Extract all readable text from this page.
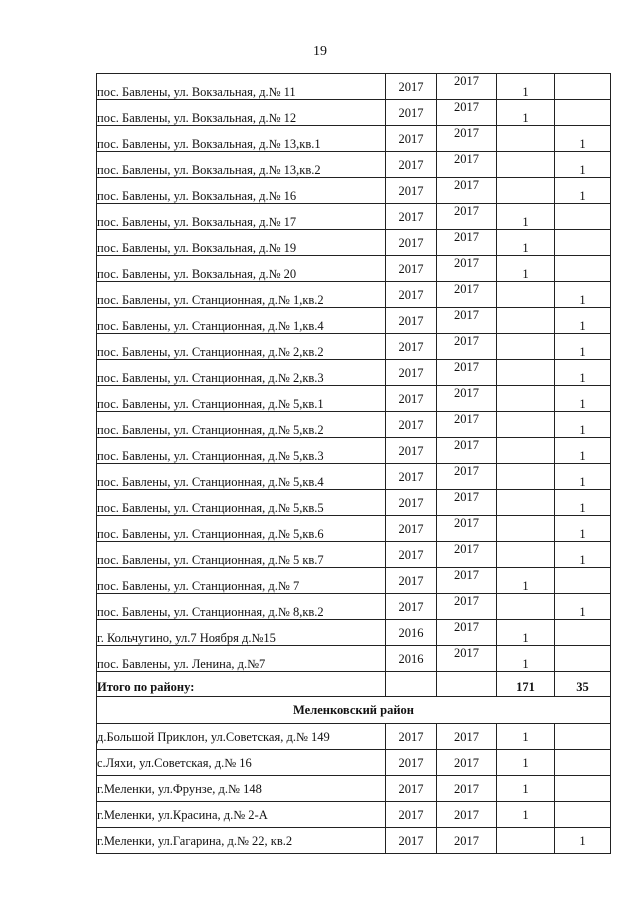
19
пос. Бавлены, ул. Вокзальная, д.№ 11	2017	2017	1	
пос. Бавлены, ул. Вокзальная, д.№ 12	2017	2017	1	
пос. Бавлены, ул. Вокзальная, д.№ 13,кв.1	2017	2017		1
пос. Бавлены, ул. Вокзальная, д.№ 13,кв.2	2017	2017		1
пос. Бавлены, ул. Вокзальная, д.№ 16	2017	2017		1
пос. Бавлены, ул. Вокзальная, д.№ 17	2017	2017	1	
пос. Бавлены, ул. Вокзальная, д.№ 19	2017	2017	1	
пос. Бавлены, ул. Вокзальная, д.№ 20	2017	2017	1	
пос. Бавлены, ул. Станционная, д.№ 1,кв.2	2017	2017		1
пос. Бавлены, ул. Станционная, д.№ 1,кв.4	2017	2017		1
пос. Бавлены, ул. Станционная, д.№ 2,кв.2	2017	2017		1
пос. Бавлены, ул. Станционная, д.№ 2,кв.3	2017	2017		1
пос. Бавлены, ул. Станционная, д.№ 5,кв.1	2017	2017		1
пос. Бавлены, ул. Станционная, д.№ 5,кв.2	2017	2017		1
пос. Бавлены, ул. Станционная, д.№ 5,кв.3	2017	2017		1
пос. Бавлены, ул. Станционная, д.№ 5,кв.4	2017	2017		1
пос. Бавлены, ул. Станционная, д.№ 5,кв.5	2017	2017		1
пос. Бавлены, ул. Станционная, д.№ 5,кв.6	2017	2017		1
пос. Бавлены, ул. Станционная, д.№ 5 кв.7	2017	2017		1
пос. Бавлены, ул. Станционная, д.№ 7	2017	2017	1	
пос. Бавлены, ул. Станционная, д.№ 8,кв.2	2017	2017		1
г. Кольчугино, ул.7 Ноября д.№15	2016	2017	1	
пос. Бавлены, ул. Ленина, д.№7	2016	2017	1	
Итого по району:			171	35
Меленковский район				
д.Большой Приклон, ул.Советская, д.№ 149	2017	2017	1	
с.Ляхи, ул.Советская, д.№ 16	2017	2017	1	
г.Меленки, ул.Фрунзе, д.№ 148	2017	2017	1	
г.Меленки, ул.Красина, д.№ 2-А	2017	2017	1	
г.Меленки, ул.Гагарина, д.№ 22, кв.2	2017	2017		1
